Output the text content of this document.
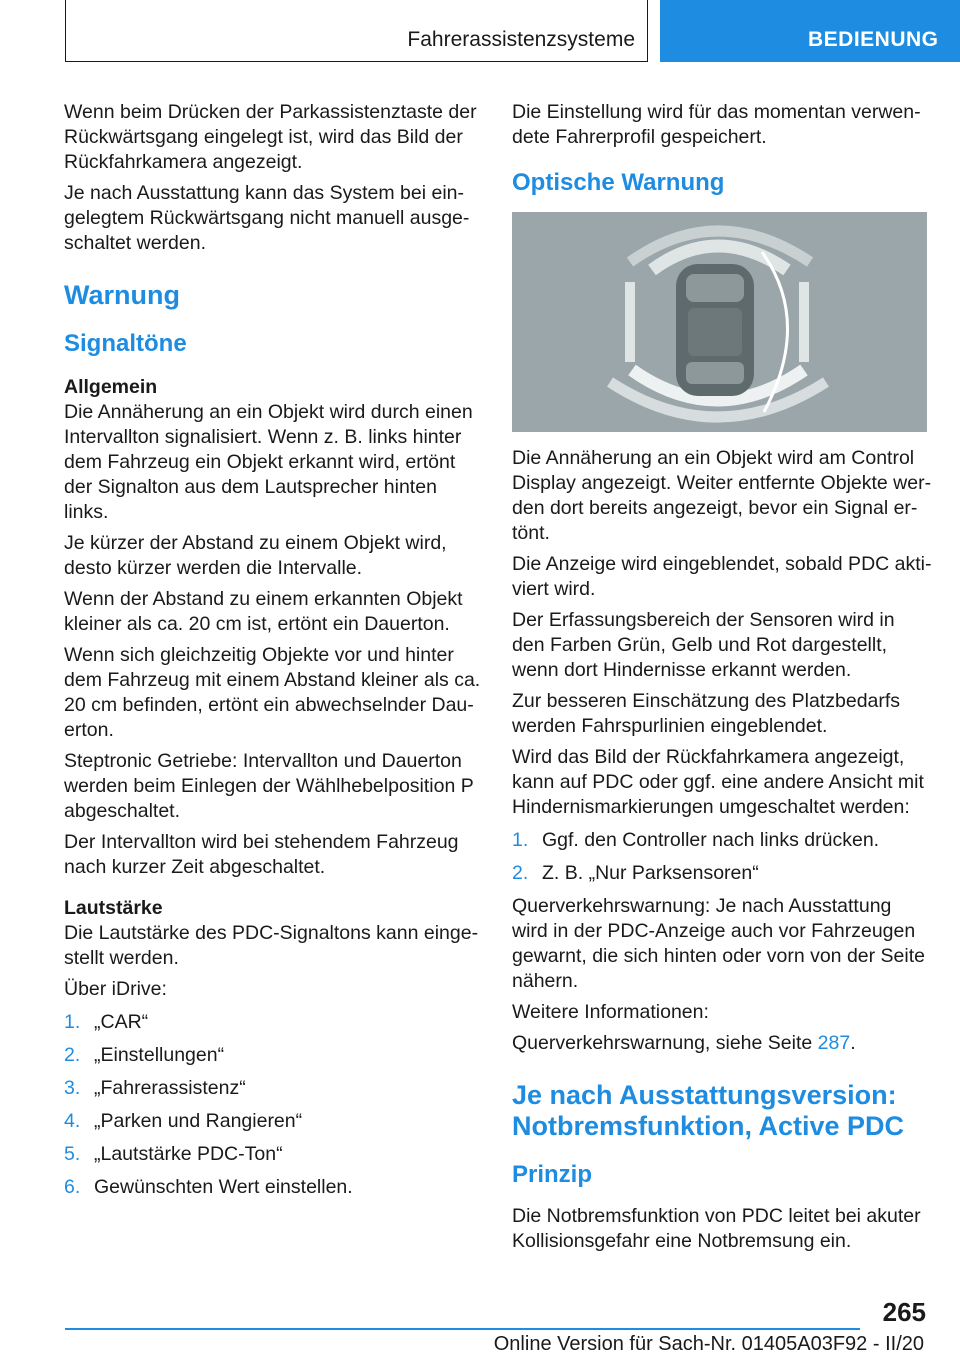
Fahrerassistenzsysteme	BEDIENUNG

Wenn beim Drücken der Parkassistenztaste der Rückwärtsgang eingelegt ist, wird das Bild der Rückfahrkamera angezeigt.

Je nach Ausstattung kann das System bei eingelegtem Rückwärtsgang nicht manuell ausgeschaltet werden.

Warnung
Signaltöne
Allgemein

Die Annäherung an ein Objekt wird durch einen Intervallton signalisiert. Wenn z. B. links hinter dem Fahrzeug ein Objekt erkannt wird, ertönt der Signalton aus dem Lautsprecher hinten links.

Je kürzer der Abstand zu einem Objekt wird, desto kürzer werden die Intervalle.

Wenn der Abstand zu einem erkannten Objekt kleiner als ca. 20 cm ist, ertönt ein Dauerton.

Wenn sich gleichzeitig Objekte vor und hinter dem Fahrzeug mit einem Abstand kleiner als ca. 20 cm befinden, ertönt ein abwechselnder Dauerton.

Steptronic Getriebe: Intervallton und Dauerton werden beim Einlegen der Wählhebelposition P abgeschaltet.

Der Intervallton wird bei stehendem Fahrzeug nach kurzer Zeit abgeschaltet.

Lautstärke

Die Lautstärke des PDC-Signaltons kann eingestellt werden.

Über iDrive:

1. „CAR“
2. „Einstellungen“
3. „Fahrerassistenz“
4. „Parken und Rangieren“
5. „Lautstärke PDC-Ton“
6. Gewünschten Wert einstellen.

Die Einstellung wird für das momentan verwendete Fahrerprofil gespeichert.

Optische Warnung

Die Annäherung an ein Objekt wird am Control Display angezeigt. Weiter entfernte Objekte werden dort bereits angezeigt, bevor ein Signal ertönt.

Die Anzeige wird eingeblendet, sobald PDC aktiviert wird.

Der Erfassungsbereich der Sensoren wird in den Farben Grün, Gelb und Rot dargestellt, wenn dort Hindernisse erkannt werden.

Zur besseren Einschätzung des Platzbedarfs werden Fahrspurlinien eingeblendet.

Wird das Bild der Rückfahrkamera angezeigt, kann auf PDC oder ggf. eine andere Ansicht mit Hindernismarkierungen umgeschaltet werden:

1. Ggf. den Controller nach links drücken.
2. Z. B. „Nur Parksensoren“

Querverkehrswarnung: Je nach Ausstattung wird in der PDC-Anzeige auch vor Fahrzeugen gewarnt, die sich hinten oder vorn von der Seite nähern.

Weitere Informationen:

Querverkehrswarnung, siehe Seite 287.

Je nach Ausstattungsversion: Notbremsfunktion, Active PDC
Prinzip

Die Notbremsfunktion von PDC leitet bei akuter Kollisionsgefahr eine Notbremsung ein.

265
Online Version für Sach-Nr. 01405A03F92 - II/20
